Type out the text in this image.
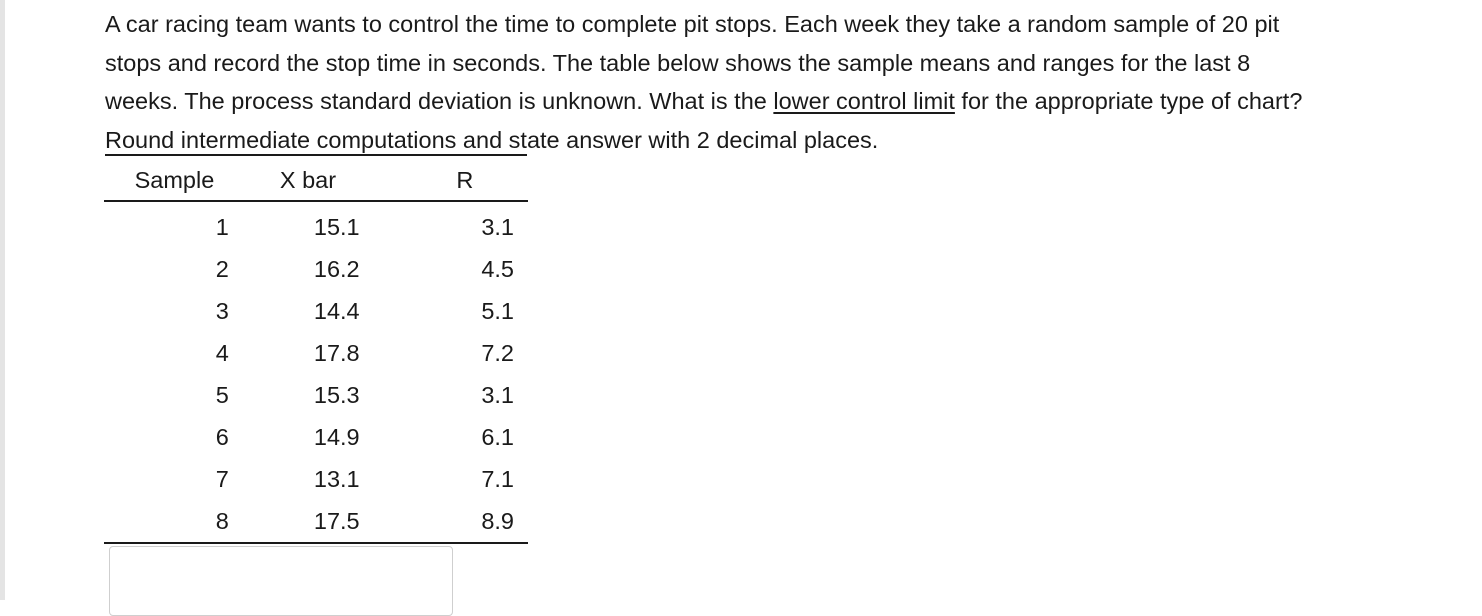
A car racing team wants to control the time to complete pit stops. Each week they take a random sample of 20 pit
stops and record the stop time in seconds. The table below shows the sample means and ranges for the last 8
weeks. The process standard deviation is unknown. What is the lower control limit for the appropriate type of chart?
Round intermediate computations and state answer with 2 decimal places.
Sample	X bar	R
1	15.1	3.1
2	16.2	4.5
3	14.4	5.1
4	17.8	7.2
5	15.3	3.1
6	14.9	6.1
7	13.1	7.1
8	17.5	8.9
